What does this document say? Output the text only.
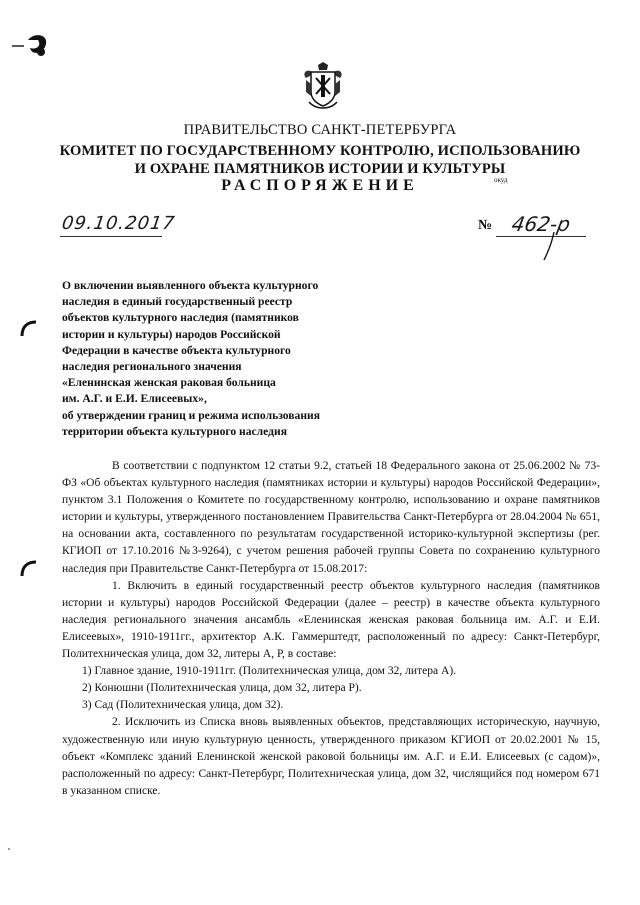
ПРАВИТЕЛЬСТВО САНКТ-ПЕТЕРБУРГА
КОМИТЕТ ПО ГОСУДАРСТВЕННОМУ КОНТРОЛЮ, ИСПОЛЬЗОВАНИЮ
И ОХРАНЕ ПАМЯТНИКОВ ИСТОРИИ И КУЛЬТУРЫ
окуд
РАСПОРЯЖЕНИЕ
09.10.2017	№ 462-р
О включении выявленного объекта культурного
наследия в единый государственный реестр
объектов культурного наследия (памятников
истории и культуры) народов Российской
Федерации в качестве объекта культурного
наследия регионального значения
«Еленинская женская раковая больница
им. А.Г. и Е.И. Елисеевых»,
об утверждении границ и режима использования
территории объекта культурного наследия

В соответствии с подпунктом 12 статьи 9.2, статьей 18 Федерального закона от 25.06.2002 № 73-ФЗ «Об объектах культурного наследия (памятниках истории и культуры) народов Российской Федерации», пунктом 3.1 Положения о Комитете по государственному контролю, использованию и охране памятников истории и культуры, утвержденного постановлением Правительства Санкт-Петербурга от 28.04.2004 № 651, на основании акта, составленного по результатам государственной историко-культурной экспертизы (рег. КГИОП от 17.10.2016 №3-9264), с учетом решения рабочей группы Совета по сохранению культурного наследия при Правительстве Санкт-Петербурга от 15.08.2017:

1. Включить в единый государственный реестр объектов культурного наследия (памятников истории и культуры) народов Российской Федерации (далее – реестр) в качестве объекта культурного наследия регионального значения ансамбль «Еленинская женская раковая больница им. А.Г. и Е.И. Елисеевых», 1910-1911гг., архитектор А.К. Гаммерштедт, расположенный по адресу: Санкт-Петербург, Политехническая улица, дом 32, литеры А, Р, в составе:

1) Главное здание, 1910-1911гг. (Политехническая улица, дом 32, литера А).

2) Конюшни (Политехническая улица, дом 32, литера Р).

3) Сад (Политехническая улица, дом 32).

2. Исключить из Списка вновь выявленных объектов, представляющих историческую, научную, художественную или иную культурную ценность, утвержденного приказом КГИОП от 20.02.2001 № 15, объект «Комплекс зданий Еленинской женской раковой больницы им. А.Г. и Е.И. Елисеевых (с садом)», расположенный по адресу: Санкт-Петербург, Политехническая улица, дом 32, числящийся под номером 671 в указанном списке.
